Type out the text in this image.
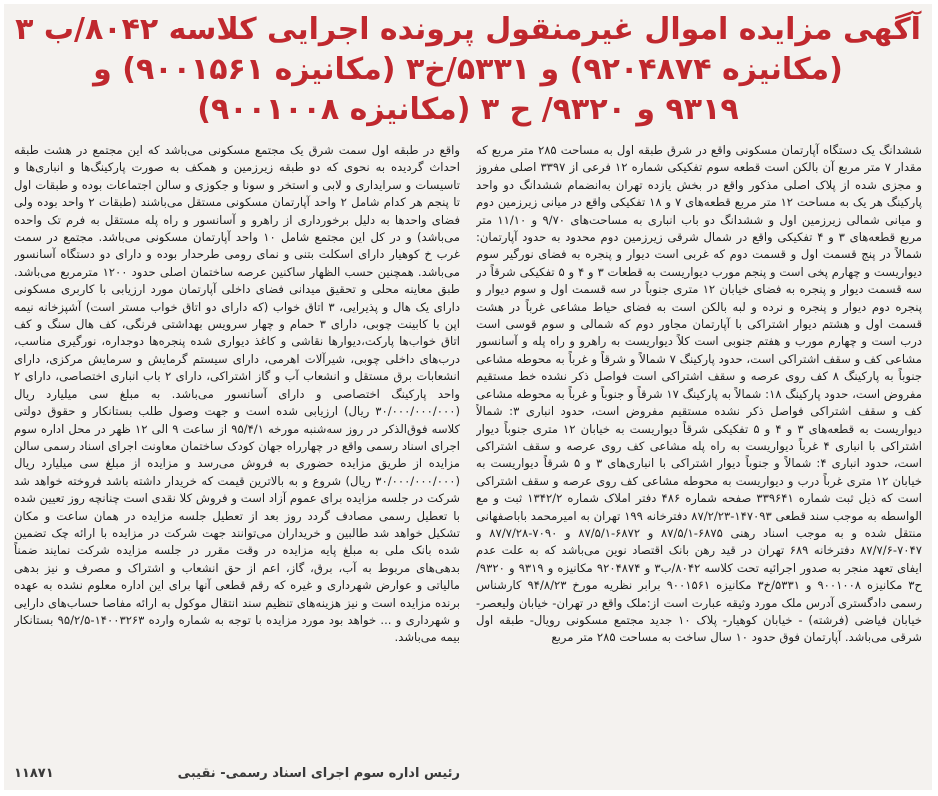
آگهی مزایده اموال غیرمنقول پرونده اجرایی کلاسه ۸۰۴۲/ب ۳

(مکانیزه ۹۲۰۴۸۷۴) و ۵۳۳۱/خ۳ (مکانیزه ۹۰۰۱۵۶۱) و

۹۳۱۹ و ۹۳۲۰/ ح ۳ (مکانیزه ۹۰۰۱۰۰۸)

ششدانگ یک دستگاه آپارتمان مسکونی واقع در شرق طبقه اول به مساحت ۲۸۵ متر مربع که مقدار ۷ متر مربع آن بالکن است قطعه سوم تفکیکی شماره ۱۲ فرعی از ۳۳۹۷ اصلی مفروز و مجزی شده از پلاک اصلی مذکور واقع در بخش یازده تهران به‌انضمام ششدانگ دو واحد پارکینگ هر یک به مساحت ۱۲ متر مربع قطعه‌های ۷ و ۱۸ تفکیکی واقع در میانی زیرزمین دوم و میانی شمالی زیرزمین اول و ششدانگ دو باب انباری به مساحت‌های ۹/۷۰ و ۱۱/۱۰ متر مربع قطعه‌های ۳ و ۴ تفکیکی واقع در شمال شرقی زیرزمین دوم محدود به حدود آپارتمان: شمالاً در پنج قسمت اول و قسمت دوم که غربی است دیوار و پنجره به فضای نورگیر سوم دیواریست و چهارم پخی است و پنجم مورب دیواریست به قطعات ۳ و ۴ و ۵ تفکیکی شرقاً در سه قسمت دیوار و پنجره به فضای خیابان ۱۲ متری جنوباً در سه قسمت اول و سوم دیوار و پنجره دوم دیوار و پنجره و نرده و لبه بالکن است به فضای حیاط مشاعی غرباً در هشت قسمت اول و هشتم دیوار اشتراکی با آپارتمان مجاور دوم که شمالی و سوم قوسی است درب است و چهارم مورب و هفتم جنوبی است کلاً دیواریست به راهرو و راه پله و آسانسور مشاعی کف و سقف اشتراکی است، حدود پارکینگ ۷ شمالاً و شرقاً و غرباً به محوطه مشاعی جنوباً به پارکینگ ۸ کف روی عرصه و سقف اشتراکی است فواصل ذکر نشده خط مستقیم مفروض است، حدود پارکینگ ۱۸: شمالاً به پارکینگ ۱۷ شرقاً و جنوباً و غرباً به محوطه مشاعی کف و سقف اشتراکی فواصل ذکر نشده مستقیم مفروض است، حدود انباری ۳: شمالاً دیواریست به قطعه‌های ۳ و ۴ و ۵ تفکیکی شرقاً دیواریست به خیابان ۱۲ متری جنوباً دیوار اشتراکی با انباری ۴ غرباً دیواریست به راه پله مشاعی کف روی عرصه و سقف اشتراکی است، حدود انباری ۴: شمالاً و جنوباً دیوار اشتراکی با انباری‌های ۳ و ۵ شرقاً دیواریست به خیابان ۱۲ متری غرباً درب و دیواریست به محوطه مشاعی کف روی عرصه و سقف اشتراکی است که ذیل ثبت شماره ۳۳۹۶۴۱ صفحه شماره ۴۸۶ دفتر املاک شماره ۱۳۴۲/۲ ثبت و مع الواسطه به موجب سند قطعی ۱۴۷۰۹۳-۸۷/۲/۲۳ دفترخانه ۱۹۹ تهران به امیرمحمد باباصفهانی منتقل شده و به موجب اسناد رهنی ۶۸۷۵-۸۷/۵/۱ و ۶۸۷۲-۸۷/۵/۱ و ۷۰۹۰-۸۷/۷/۲۸ و ۷۰۴۷-۸۷/۷/۶ دفترخانه ۶۸۹ تهران در قید رهن بانک اقتصاد نوین می‌باشد که به علت عدم ایفای تعهد منجر به صدور اجرائیه تحت کلاسه ۸۰۴۲/ب۳ و ۹۲۰۴۸۷۴ مکانیزه و ۹۳۱۹ و ۹۳۲۰/ح۳ مکانیزه ۹۰۰۱۰۰۸ و ۵۳۳۱/خ۳ مکانیزه ۹۰۰۱۵۶۱ برابر نظریه مورخ ۹۴/۸/۲۳ کارشناس رسمی دادگستری آدرس ملک مورد وثیقه عبارت است از:ملک واقع در تهران- خیابان ولیعصر- خیابان فیاضی (فرشته) - خیابان کوهیار- پلاک ۱۰ جدید مجتمع مسکونی رویال- طبقه اول شرقی می‌باشد. آپارتمان فوق حدود ۱۰ سال ساخت به مساحت ۲۸۵ متر مربع

واقع در طبقه اول سمت شرق یک مجتمع مسکونی می‌باشد که این مجتمع در هشت طبقه احداث گردیده به نحوی که دو طبقه زیرزمین و همکف به صورت پارکینگ‌ها و انباری‌ها و تاسیسات و سرایداری و لابی و استخر و سونا و جکوزی و سالن اجتماعات بوده و طبقات اول تا پنجم هر کدام شامل ۲ واحد آپارتمان مسکونی مستقل می‌باشند (طبقات ۲ واحد بوده ولی فضای واحدها به دلیل برخورداری از راهرو و آسانسور و راه پله مستقل به فرم تک واحده می‌باشد) و در کل این مجتمع شامل ۱۰ واحد آپارتمان مسکونی می‌باشد. مجتمع در سمت غرب خ کوهیار دارای اسکلت بتنی و نمای رومی طرحدار بوده و دارای دو دستگاه آسانسور می‌باشد. همچنین حسب الظهار ساکنین عرصه ساختمان اصلی حدود ۱۲۰۰ مترمربع می‌باشد. طبق معاینه محلی و تحقیق میدانی فضای داخلی آپارتمان مورد ارزیابی با کاربری مسکونی دارای یک هال و پذیرایی، ۳ اتاق خواب (که دارای دو اتاق خواب مستر است) آشپزخانه نیمه اپن با کابینت چوبی، دارای ۳ حمام و چهار سرویس بهداشتی فرنگی، کف هال سنگ و کف اتاق خواب‌ها پارکت،دیوارها نقاشی و کاغذ دیواری شده پنجره‌ها دوجداره، نورگیری مناسب، درب‌های داخلی چوبی، شیرآلات اهرمی، دارای سیستم گرمایش و سرمایش مرکزی، دارای انشعابات برق مستقل و انشعاب آب و گاز اشتراکی، دارای ۲ باب انباری اختصاصی، دارای ۲ واحد پارکینگ اختصاصی و دارای آسانسور می‌باشد. به مبلغ سی میلیارد ریال (۳۰/۰۰۰/۰۰۰/۰۰۰ ریال) ارزیابی شده است و جهت وصول طلب بستانکار و حقوق دولتی کلاسه فوق‌الذکر در روز سه‌شنبه مورخه ۹۵/۴/۱ از ساعت ۹ الی ۱۲ ظهر در محل اداره سوم اجرای اسناد رسمی واقع در چهارراه جهان کودک ساختمان معاونت اجرای اسناد رسمی سالن مزایده از طریق مزایده حضوری به فروش می‌رسد و مزایده از مبلغ سی میلیارد ریال (۳۰/۰۰۰/۰۰۰/۰۰۰ ریال) شروع و به بالاترین قیمت که خریدار داشته باشد فروخته خواهد شد شرکت در جلسه مزایده برای عموم آزاد است و فروش کلا نقدی است چنانچه روز تعیین شده با تعطیل رسمی مصادف گردد روز بعد از تعطیل جلسه مزایده در همان ساعت و مکان تشکیل خواهد شد طالبین و خریداران می‌توانند جهت شرکت در مزایده با ارائه چک تضمین شده بانک ملی به مبلغ پایه مزایده در وقت مقرر در جلسه مزایده شرکت نمایند ضمناً بدهی‌های مربوط به آب، برق، گاز، اعم از حق انشعاب و اشتراک و مصرف و نیز بدهی مالیاتی و عوارض شهرداری و غیره که رقم قطعی آنها برای این اداره معلوم نشده به عهده برنده مزایده است و نیز هزینه‌های تنظیم سند انتقال موکول به ارائه مفاصا حساب‌های دارایی و شهرداری و ... خواهد بود مورد مزایده با توجه به شماره وارده ۱۴۰۰۳۲۶۳-۹۵/۲/۵ بستانکار بیمه می‌باشد.

رئیس اداره سوم اجرای اسناد رسمی- نقیبی
۱۱۸۷۱
